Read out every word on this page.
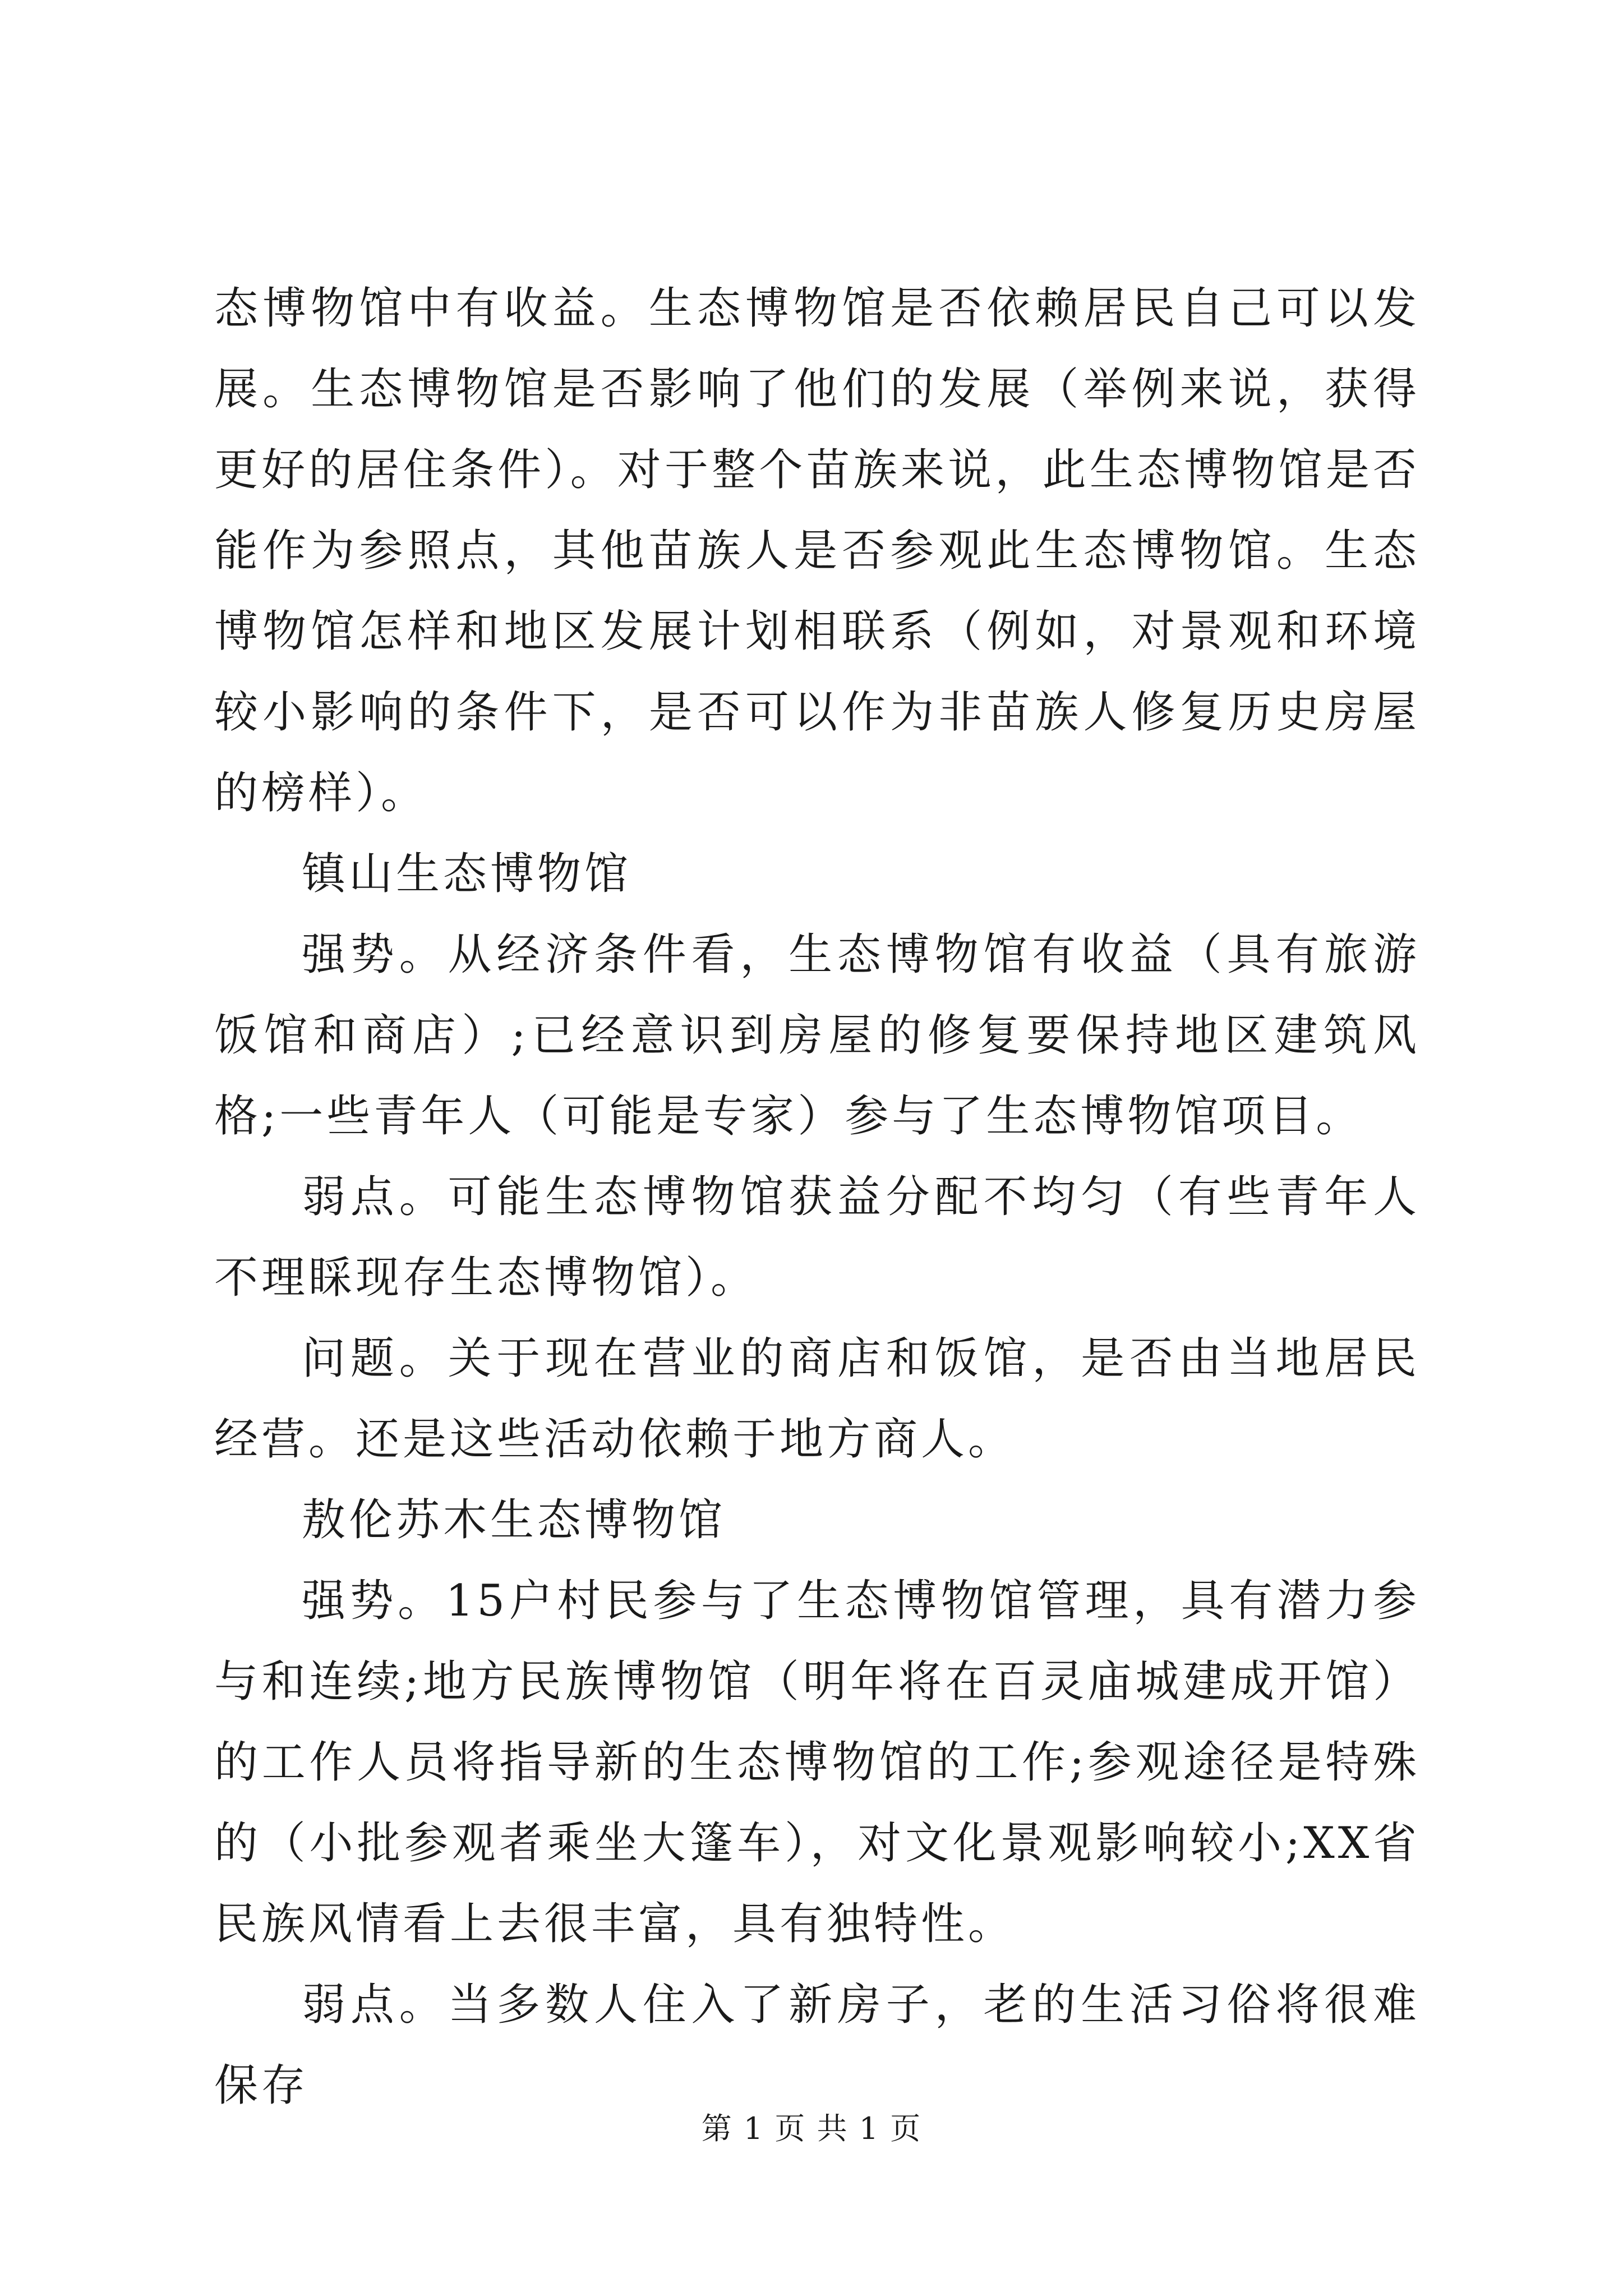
态博物馆中有收益。生态博物馆是否依赖居民自己可以发展。生态博物馆是否影响了他们的发展（举例来说，获得更好的居住条件）。对于整个苗族来说，此生态博物馆是否能作为参照点，其他苗族人是否参观此生态博物馆。生态博物馆怎样和地区发展计划相联系（例如，对景观和环境较小影响的条件下，是否可以作为非苗族人修复历史房屋的榜样）。

镇山生态博物馆

强势。从经济条件看，生态博物馆有收益（具有旅游饭馆和商店）;已经意识到房屋的修复要保持地区建筑风格;一些青年人（可能是专家）参与了生态博物馆项目。

弱点。可能生态博物馆获益分配不均匀（有些青年人不理睬现存生态博物馆）。

问题。关于现在营业的商店和饭馆，是否由当地居民经营。还是这些活动依赖于地方商人。

敖伦苏木生态博物馆

强势。15户村民参与了生态博物馆管理，具有潜力参与和连续;地方民族博物馆（明年将在百灵庙城建成开馆）的工作人员将指导新的生态博物馆的工作;参观途径是特殊的（小批参观者乘坐大篷车），对文化景观影响较小;XX省民族风情看上去很丰富，具有独特性。

弱点。当多数人住入了新房子，老的生活习俗将很难保存

第 1 页 共 1 页
